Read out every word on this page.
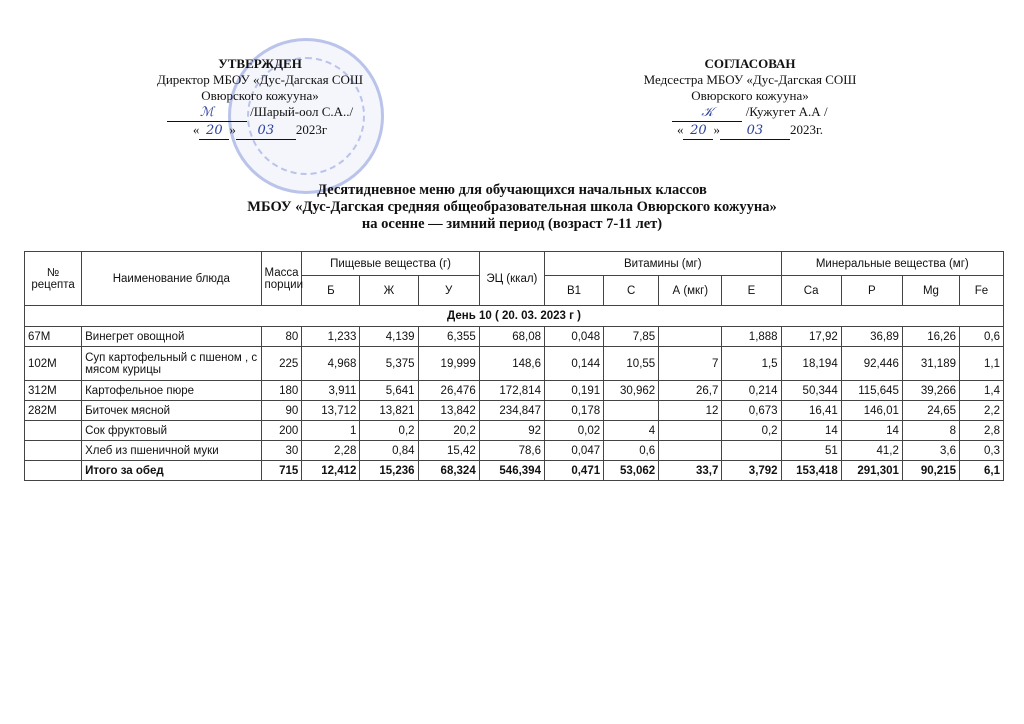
УТВЕРЖДЕН
Директор МБОУ «Дус-Дагская СОШ
Овюрского кожууна»
ℳ	/Шарый-оол С.А../
« 20 » 03 2023г
СОГЛАСОВАН
Медсестра МБОУ «Дус-Дагская СОШ
Овюрского кожууна»
𝒦 /Кужугет А.А /
« 20 » 03 2023г.
Десятидневное меню для обучающихся начальных классов
МБОУ «Дус-Дагская средняя общеобразовательная школа Овюрского кожууна»
на осенне — зимний период (возраст 7-11 лет)
№ рецепта	Наименование блюда	Масса порции	Пищевые вещества (г)			ЭЦ (ккал)	Витамины (мг)				Минеральные вещества (мг)			
			Б	Ж	У		В1	С	А (мкг)	Е	Са	Р	Mg	Fe
День 10 ( 20. 03. 2023 г )														
67М	Винегрет овощной	80	1,233	4,139	6,355	68,08	0,048	7,85		1,888	17,92	36,89	16,26	0,6
102М	Суп картофельный с пшеном , с мясом курицы	225	4,968	5,375	19,999	148,6	0,144	10,55	7	1,5	18,194	92,446	31,189	1,1
312М	Картофельное пюре	180	3,911	5,641	26,476	172,814	0,191	30,962	26,7	0,214	50,344	115,645	39,266	1,4
282М	Биточек мясной	90	13,712	13,821	13,842	234,847	0,178		12	0,673	16,41	146,01	24,65	2,2
	Сок фруктовый	200	1	0,2	20,2	92	0,02	4		0,2	14	14	8	2,8
	Хлеб из пшеничной муки	30	2,28	0,84	15,42	78,6	0,047	0,6			51	41,2	3,6	0,3
	Итого за обед	715	12,412	15,236	68,324	546,394	0,471	53,062	33,7	3,792	153,418	291,301	90,215	6,1
